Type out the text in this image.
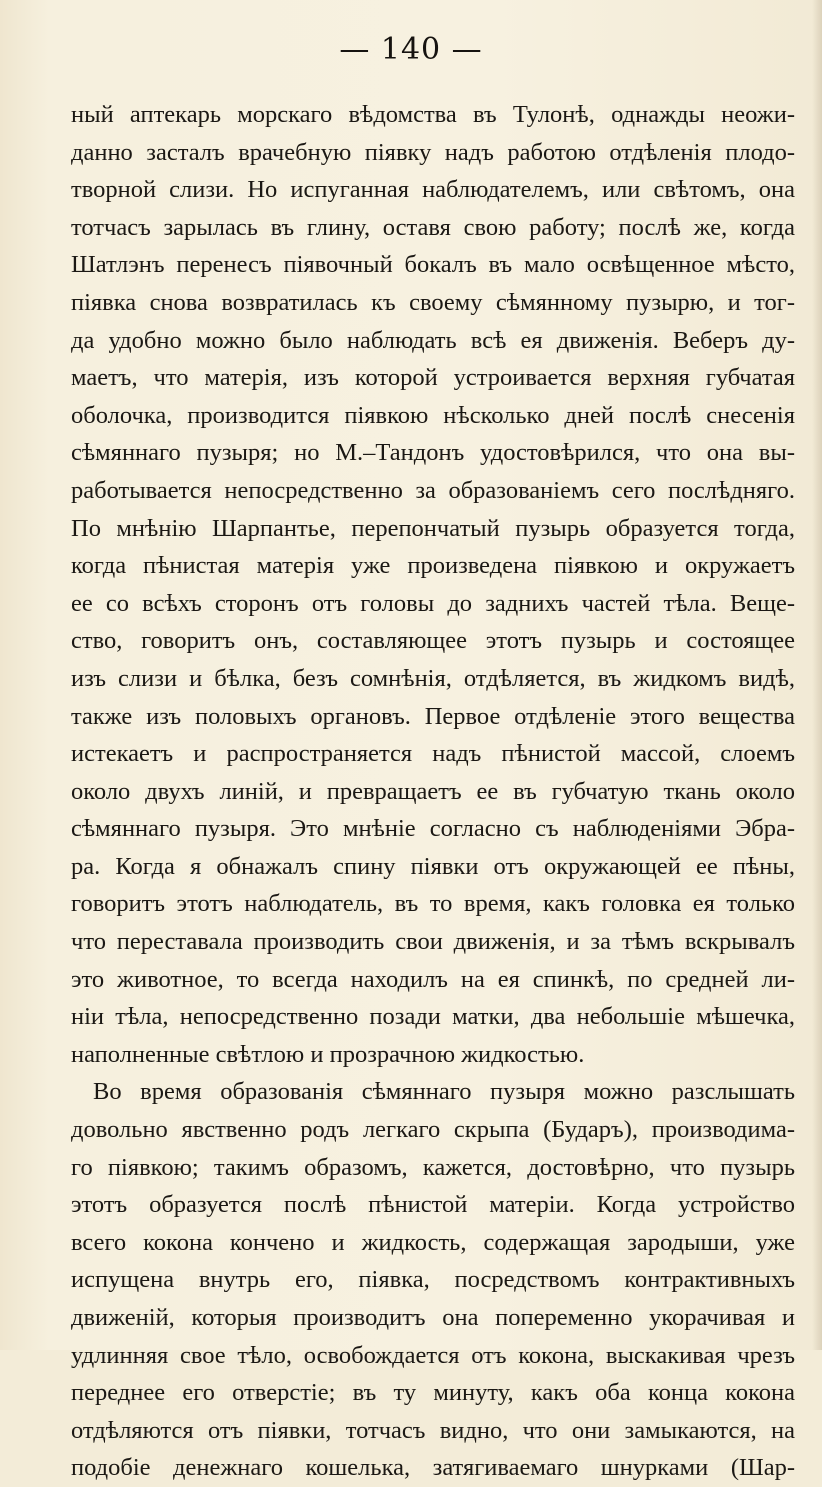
— 140 —
ный аптекарь морскаго вѣдомства въ Тулонѣ, однажды неожи-
данно засталъ врачебную піявку надъ работою отдѣленія плодо-
творной слизи. Но испуганная наблюдателемъ, или свѣтомъ, она
тотчасъ зарылась въ глину, оставя свою работу; послѣ же, когда
Шатлэнъ перенесъ піявочный бокалъ въ мало освѣщенное мѣсто,
піявка снова возвратилась къ своему сѣмянному пузырю, и тог-
да удобно можно было наблюдать всѣ ея движенія. Веберъ ду-
маетъ, что матерія, изъ которой устроивается верхняя губчатая
оболочка, производится піявкою нѣсколько дней послѣ снесенія
сѣмяннаго пузыря; но М.–Тандонъ удостовѣрился, что она вы-
работывается непосредственно за образованіемъ сего послѣдняго.
По мнѣнію Шарпантье, перепончатый пузырь образуется тогда,
когда пѣнистая матерія уже произведена піявкою и окружаетъ
ее со всѣхъ сторонъ отъ головы до заднихъ частей тѣла. Веще-
ство, говоритъ онъ, составляющее этотъ пузырь и состоящее
изъ слизи и бѣлка, безъ сомнѣнія, отдѣляется, въ жидкомъ видѣ,
также изъ половыхъ органовъ. Первое отдѣленіе этого вещества
истекаетъ и распространяется надъ пѣнистой массой, слоемъ
около двухъ линій, и превращаетъ ее въ губчатую ткань около
сѣмяннаго пузыря. Это мнѣніе согласно съ наблюденіями Эбра-
ра. Когда я обнажалъ спину піявки отъ окружающей ее пѣны,
говоритъ этотъ наблюдатель, въ то время, какъ головка ея только
что переставала производить свои движенія, и за тѣмъ вскрывалъ
это животное, то всегда находилъ на ея спинкѣ, по средней ли-
ніи тѣла, непосредственно позади матки, два небольшіе мѣшечка,
наполненные свѣтлою и прозрачною жидкостью.
Во время образованія сѣмяннаго пузыря можно разслышать
довольно явственно родъ легкаго скрыпа (Бударъ), производима-
го піявкою; такимъ образомъ, кажется, достовѣрно, что пузырь
этотъ образуется послѣ пѣнистой матеріи. Когда устройство
всего кокона кончено и жидкость, содержащая зародыши, уже
испущена внутрь его, піявка, посредствомъ контрактивныхъ
движеній, которыя производитъ она попеременно укорачивая и
удлинняя свое тѣло, освобождается отъ кокона, выскакивая чрезъ
переднее его отверстіе; въ ту минуту, какъ оба конца кокона
отдѣляются отъ піявки, тотчасъ видно, что они замыкаются, на
подобіе денежнаго кошелька, затягиваемаго шнурками (Шар-
